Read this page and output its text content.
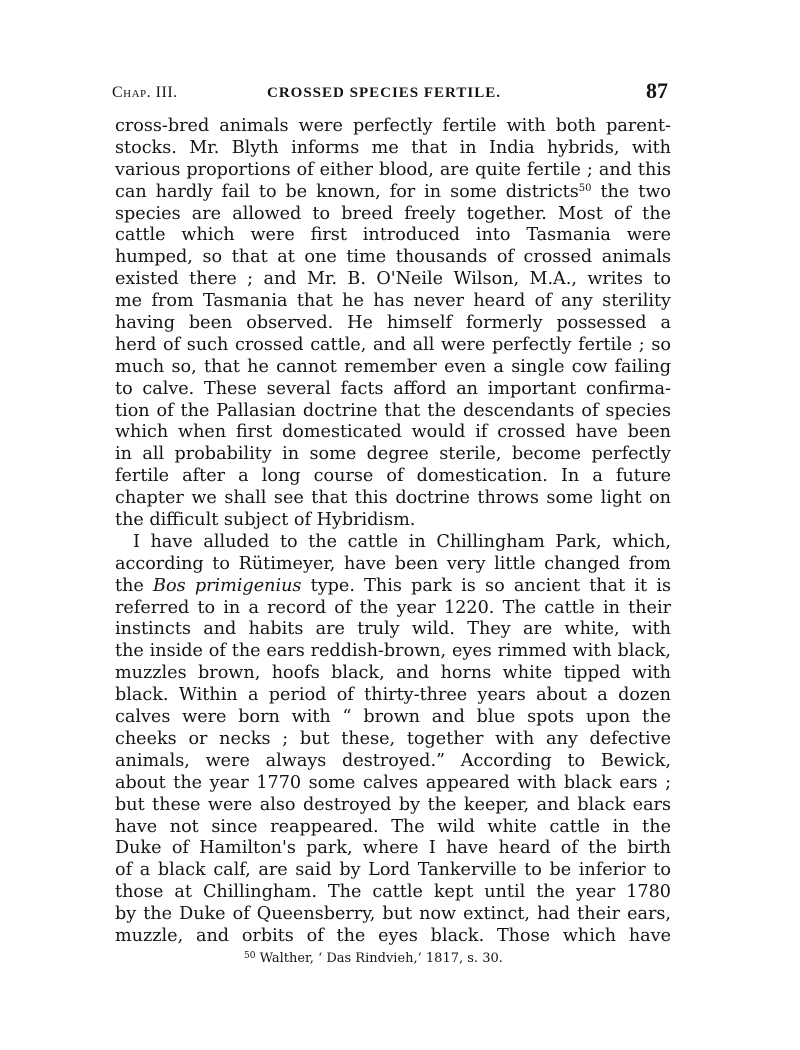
Chap. III.	CROSSED SPECIES FERTILE.	87
cross-bred animals were perfectly fertile with both parent-
stocks. Mr. Blyth informs me that in India hybrids, with
various proportions of either blood, are quite fertile ; and this
can hardly fail to be known, for in some districts$^{50}$ the two
species are allowed to breed freely together. Most of the
cattle which were first introduced into Tasmania were
humped, so that at one time thousands of crossed animals
existed there ; and Mr. B. O'Neile Wilson, M.A., writes to
me from Tasmania that he has never heard of any sterility
having been observed. He himself formerly possessed a
herd of such crossed cattle, and all were perfectly fertile ; so
much so, that he cannot remember even a single cow failing
to calve. These several facts afford an important confirma-
tion of the Pallasian doctrine that the descendants of species
which when first domesticated would if crossed have been
in all probability in some degree sterile, become perfectly
fertile after a long course of domestication. In a future
chapter we shall see that this doctrine throws some light on
the difficult subject of Hybridism.
I have alluded to the cattle in Chillingham Park, which,
according to Rütimeyer, have been very little changed from
the Bos primigenius type. This park is so ancient that it is
referred to in a record of the year 1220. The cattle in their
instincts and habits are truly wild. They are white, with
the inside of the ears reddish-brown, eyes rimmed with black,
muzzles brown, hoofs black, and horns white tipped with
black. Within a period of thirty-three years about a dozen
calves were born with “ brown and blue spots upon the
cheeks or necks ; but these, together with any defective
animals, were always destroyed.” According to Bewick,
about the year 1770 some calves appeared with black ears ;
but these were also destroyed by the keeper, and black ears
have not since reappeared. The wild white cattle in the
Duke of Hamilton's park, where I have heard of the birth
of a black calf, are said by Lord Tankerville to be inferior to
those at Chillingham. The cattle kept until the year 1780
by the Duke of Queensberry, but now extinct, had their ears,
muzzle, and orbits of the eyes black. Those which have
$^{50}$ Walther, ‘ Das Rindvieh,’ 1817, s. 30.
